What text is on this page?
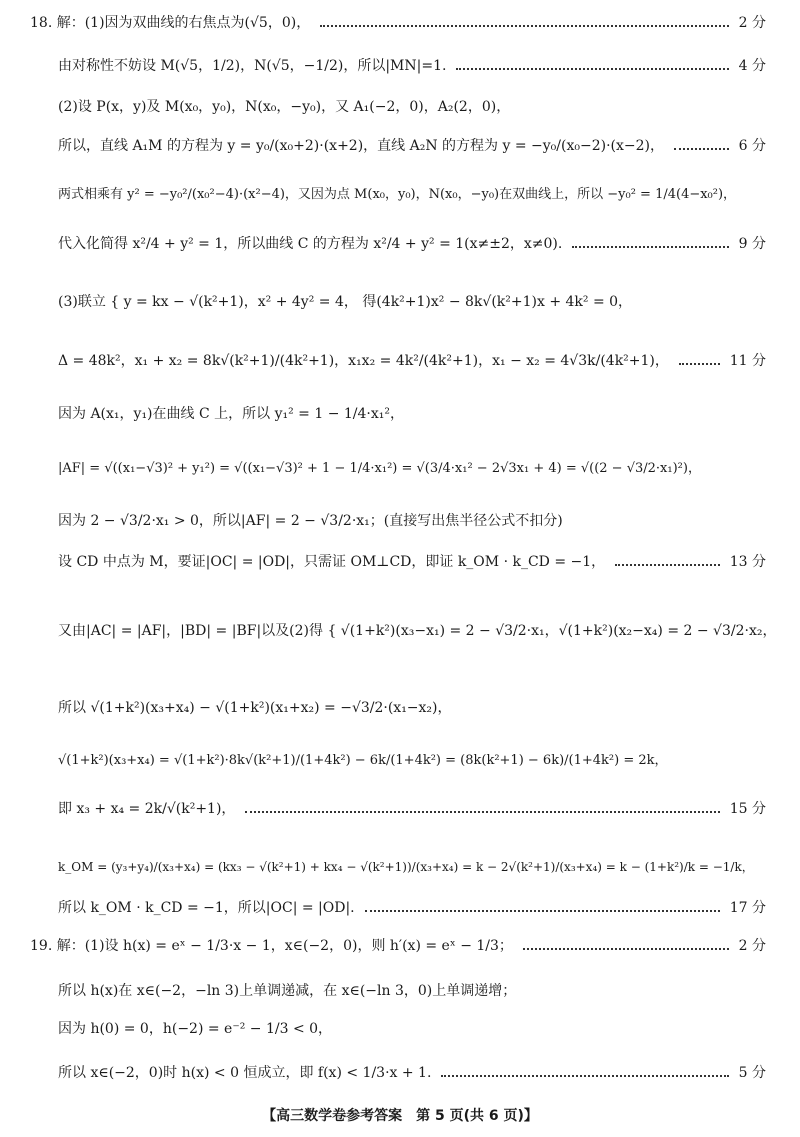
18. 解：(1)因为双曲线的右焦点为(√5，0)，	2 分
由对称性不妨设 M(√5，1/2)，N(√5，−1/2)，所以|MN|=1.	4 分
(2)设 P(x，y)及 M(x₀，y₀)，N(x₀，−y₀)，又 A₁(−2，0)，A₂(2，0)，
所以，直线 A₁M 的方程为 y = y₀/(x₀+2)·(x+2)，直线 A₂N 的方程为 y = −y₀/(x₀−2)·(x−2)，	6 分
两式相乘有 y² = −y₀²/(x₀²−4)·(x²−4)，又因为点 M(x₀，y₀)，N(x₀，−y₀)在双曲线上，所以 −y₀² = 1/4(4−x₀²)，
代入化简得 x²/4 + y² = 1，所以曲线 C 的方程为 x²/4 + y² = 1(x≠±2，x≠0).	9 分
(3)联立 { y = kx − √(k²+1)，x² + 4y² = 4， 得(4k²+1)x² − 8k√(k²+1)x + 4k² = 0，
Δ = 48k²，x₁ + x₂ = 8k√(k²+1)/(4k²+1)，x₁x₂ = 4k²/(4k²+1)，x₁ − x₂ = 4√3k/(4k²+1)，	11 分
因为 A(x₁，y₁)在曲线 C 上，所以 y₁² = 1 − 1/4·x₁²，
|AF| = √((x₁−√3)² + y₁²) = √((x₁−√3)² + 1 − 1/4·x₁²) = √(3/4·x₁² − 2√3x₁ + 4) = √((2 − √3/2·x₁)²)，
因为 2 − √3/2·x₁ > 0，所以|AF| = 2 − √3/2·x₁；(直接写出焦半径公式不扣分)
设 CD 中点为 M，要证|OC| = |OD|，只需证 OM⊥CD，即证 k_OM · k_CD = −1，	13 分
又由|AC| = |AF|，|BD| = |BF|以及(2)得 { √(1+k²)(x₃−x₁) = 2 − √3/2·x₁，√(1+k²)(x₂−x₄) = 2 − √3/2·x₂，
所以 √(1+k²)(x₃+x₄) − √(1+k²)(x₁+x₂) = −√3/2·(x₁−x₂)，
√(1+k²)(x₃+x₄) = √(1+k²)·8k√(k²+1)/(1+4k²) − 6k/(1+4k²) = (8k(k²+1) − 6k)/(1+4k²) = 2k，
即 x₃ + x₄ = 2k/√(k²+1)，	15 分
k_OM = (y₃+y₄)/(x₃+x₄) = (kx₃ − √(k²+1) + kx₄ − √(k²+1))/(x₃+x₄) = k − 2√(k²+1)/(x₃+x₄) = k − (1+k²)/k = −1/k，
所以 k_OM · k_CD = −1，所以|OC| = |OD|.	17 分
19. 解：(1)设 h(x) = eˣ − 1/3·x − 1，x∈(−2，0)，则 h′(x) = eˣ − 1/3；	2 分
所以 h(x)在 x∈(−2，−ln 3)上单调递减，在 x∈(−ln 3，0)上单调递增；
因为 h(0) = 0，h(−2) = e⁻² − 1/3 < 0，
所以 x∈(−2，0)时 h(x) < 0 恒成立，即 f(x) < 1/3·x + 1.	5 分
【高三数学卷参考答案　第 5 页(共 6 页)】
